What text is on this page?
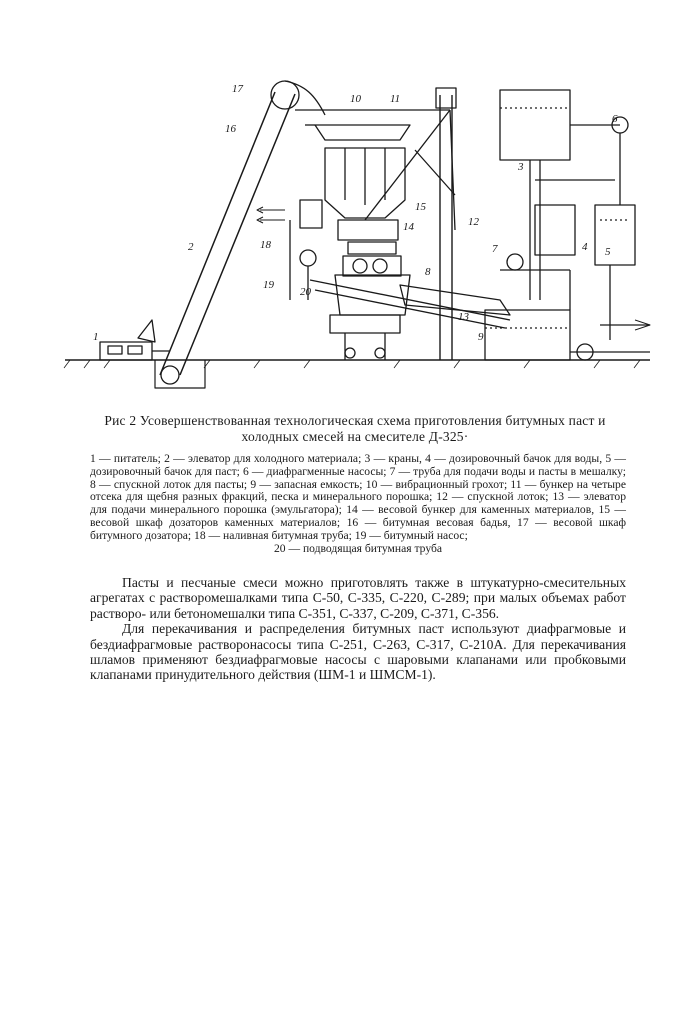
1
2
3
4 5
6
7
8
9
10	11
12
13
14
15
16
17
18
19
20
Рис 2 Усовершенствованная технологическая схема приготовления битумных паст и холодных смесей на смесителе Д-325·
1 — питатель; 2 — элеватор для холодного материала; 3 — краны, 4 — дозировочный бачок для воды, 5 — дозировочный бачок для паст; 6 — диафрагменные насосы; 7 — труба для подачи воды и пасты в мешалку; 8 — спускной лоток для пасты; 9 — запасная емкость; 10 — вибрационный грохот; 11 — бункер на четыре отсека для щебня разных фракций, песка и минерального порошка; 12 — спускной лоток; 13 — элеватор для подачи минерального порошка (эмульгатора); 14 — весовой бункер для каменных материалов, 15 — весовой шкаф дозаторов каменных материалов; 16 — битумная весовая бадья, 17 — весовой шкаф битумного дозатора; 18 — наливная битумная труба; 19 — битумный насос;
20 — подводящая битумная труба

Пасты и песчаные смеси можно приготовлять также в штукатурно-смесительных агрегатах с растворомешалками типа С-50, С-335, С-220, С-289; при малых объемах работ растворо- или бетономешалки типа С-351, С-337, С-209, С-371, С-356.

Для перекачивания и распределения битумных паст используют диафрагмовые и бездиафрагмовые растворонасосы типа С-251, С-263, С-317, С-210А. Для перекачивания шламов применяют бездиафрагмовые насосы с шаровыми клапанами или пробковыми клапанами принудительного действия (ШМ-1 и ШМСМ-1).
